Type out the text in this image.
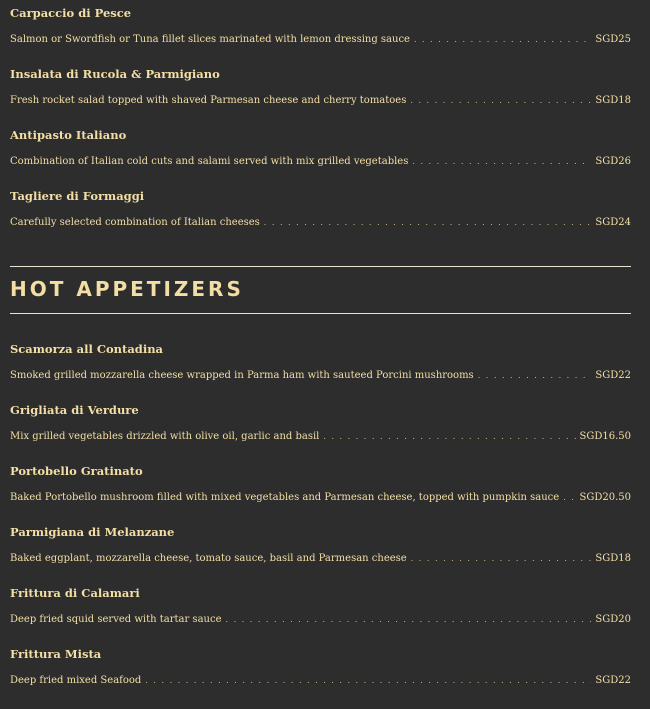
Carpaccio di Pesce
Salmon or Swordfish or Tuna fillet slices marinated with lemon dressing sauce . . .	SGD25
Insalata di Rucola & Parmigiano
Fresh rocket salad topped with shaved Parmesan cheese and cherry tomatoes . . .	SGD18
Antipasto Italiano
Combination of Italian cold cuts and salami served with mix grilled vegetables . . .	SGD26
Tagliere di Formaggi
Carefully selected combination of Italian cheeses . . .	SGD24
HOT APPETIZERS
Scamorza all Contadina
Smoked grilled mozzarella cheese wrapped in Parma ham with sauteed Porcini mushrooms . . .	SGD22
Grigliata di Verdure
Mix grilled vegetables drizzled with olive oil, garlic and basil . . .	SGD16.50
Portobello Gratinato
Baked Portobello mushroom filled with mixed vegetables and Parmesan cheese, topped with pumpkin sauce . . . SGD20.50
Parmigiana di Melanzane
Baked eggplant, mozzarella cheese, tomato sauce, basil and Parmesan cheese . . .	SGD18
Frittura di Calamari
Deep fried squid served with tartar sauce . . .	SGD20
Frittura Mista
Deep fried mixed Seafood . . .	SGD22
